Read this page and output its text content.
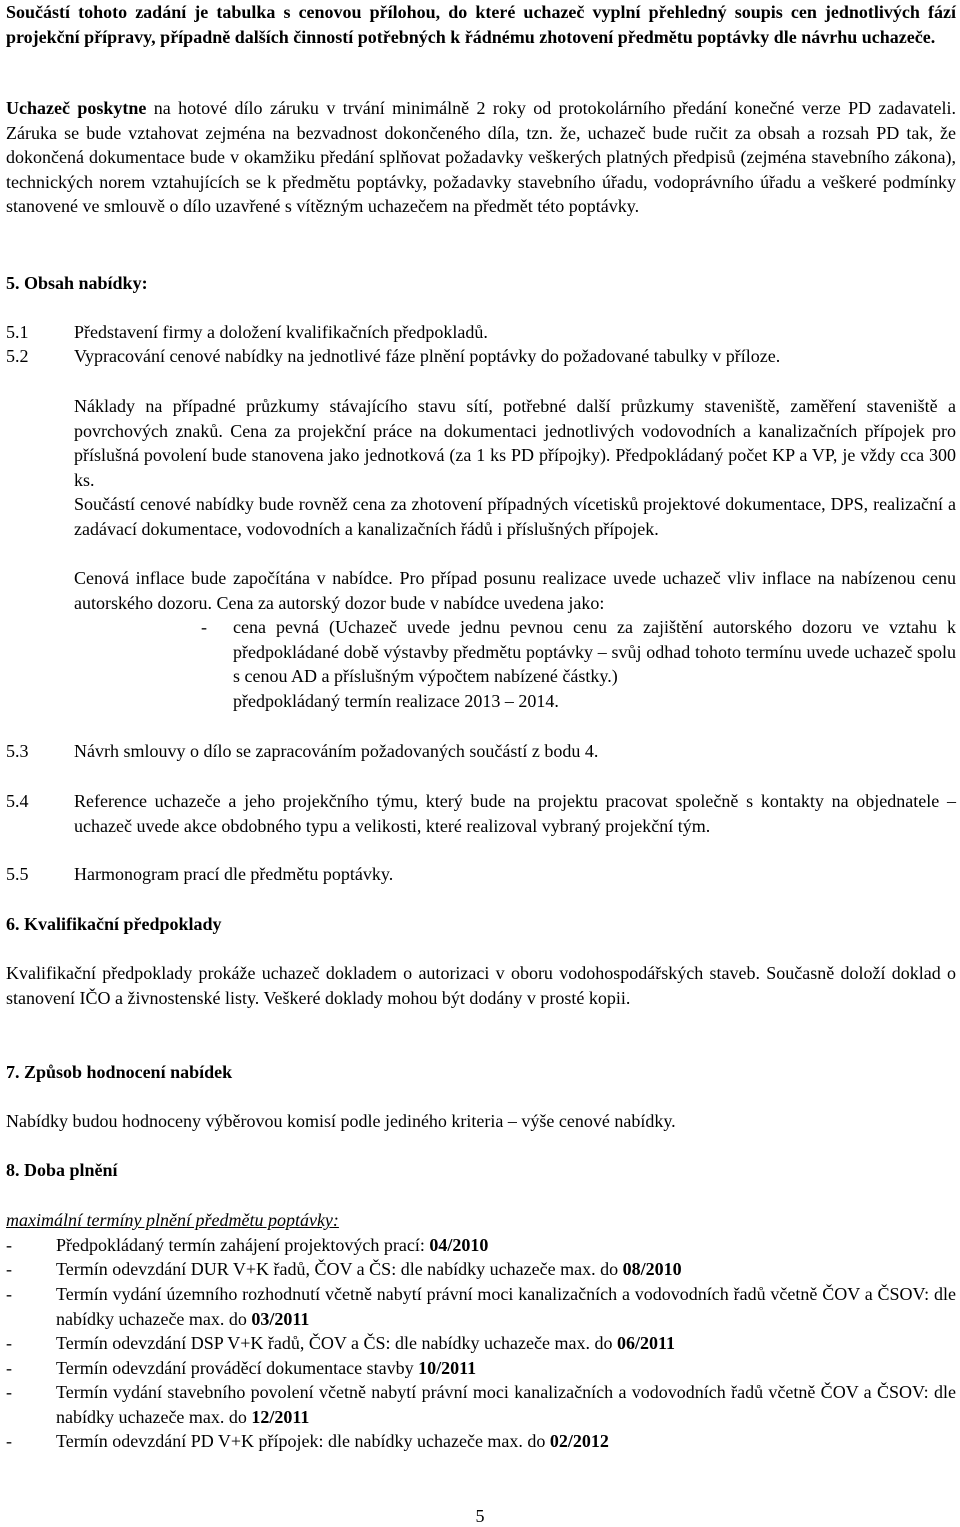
Součástí tohoto zadání je tabulka s cenovou přílohou, do které uchazeč vyplní přehledný soupis cen jednotlivých fází projekční přípravy, případně dalších činností potřebných k řádnému zhotovení předmětu poptávky dle návrhu uchazeče.
Uchazeč poskytne na hotové dílo záruku v trvání minimálně 2 roky od protokolárního předání konečné verze PD zadavateli. Záruka se bude vztahovat zejména na bezvadnost dokončeného díla, tzn. že, uchazeč bude ručit za obsah a rozsah PD tak, že dokončená dokumentace bude v okamžiku předání splňovat požadavky veškerých platných předpisů (zejména stavebního zákona), technických norem vztahujících se k předmětu poptávky, požadavky stavebního úřadu, vodoprávního úřadu a veškeré podmínky stanovené ve smlouvě o dílo uzavřené s vítězným uchazečem na předmět této poptávky.
5. Obsah nabídky:
5.1	Představení firmy a doložení kvalifikačních předpokladů.
5.2	Vypracování cenové nabídky na jednotlivé fáze plnění poptávky do požadované tabulky v příloze.
Náklady na případné průzkumy stávajícího stavu sítí, potřebné další průzkumy staveniště, zaměření staveniště a povrchových znaků. Cena za projekční práce na dokumentaci jednotlivých vodovodních a kanalizačních přípojek pro příslušná povolení bude stanovena jako jednotková (za 1 ks PD přípojky). Předpokládaný počet KP a VP, je vždy cca 300 ks.
Součástí cenové nabídky bude rovněž cena za zhotovení případných vícetisků projektové dokumentace, DPS, realizační a zadávací dokumentace, vodovodních a kanalizačních řádů i příslušných přípojek.
Cenová inflace bude započítána v nabídce. Pro případ posunu realizace uvede uchazeč vliv inflace na nabízenou cenu autorského dozoru. Cena za autorský dozor bude v nabídce uvedena jako:
- cena pevná (Uchazeč uvede jednu pevnou cenu za zajištění autorského dozoru ve vztahu k předpokládané době výstavby předmětu poptávky – svůj odhad tohoto termínu uvede uchazeč spolu s cenou AD a příslušným výpočtem nabízené částky.)
předpokládaný termín realizace 2013 – 2014.
5.3	Návrh smlouvy o dílo se zapracováním požadovaných součástí z bodu 4.
5.4	Reference uchazeče a jeho projekčního týmu, který bude na projektu pracovat společně s kontakty na objednatele – uchazeč uvede akce obdobného typu a velikosti, které realizoval vybraný projekční tým.
5.5	Harmonogram prací dle předmětu poptávky.
6. Kvalifikační předpoklady
Kvalifikační předpoklady prokáže uchazeč dokladem o autorizaci v oboru vodohospodářských staveb. Současně doloží doklad o stanovení IČO a živnostenské listy. Veškeré doklady mohou být dodány v prosté kopii.
7. Způsob hodnocení nabídek
Nabídky budou hodnoceny výběrovou komisí podle jediného kriteria – výše cenové nabídky.
8. Doba plnění
maximální termíny plnění předmětu poptávky:
- Předpokládaný termín zahájení projektových prací: 04/2010
- Termín odevzdání DUR V+K řadů, ČOV a ČS: dle nabídky uchazeče max. do 08/2010
- Termín vydání územního rozhodnutí včetně nabytí právní moci kanalizačních a vodovodních řadů včetně ČOV a ČSOV: dle nabídky uchazeče max. do 03/2011
- Termín odevzdání DSP V+K řadů, ČOV a ČS: dle nabídky uchazeče max. do 06/2011
- Termín odevzdání prováděcí dokumentace stavby 10/2011
- Termín vydání stavebního povolení včetně nabytí právní moci kanalizačních a vodovodních řadů včetně ČOV a ČSOV: dle nabídky uchazeče max. do 12/2011
- Termín odevzdání PD V+K přípojek: dle nabídky uchazeče max. do 02/2012
5
